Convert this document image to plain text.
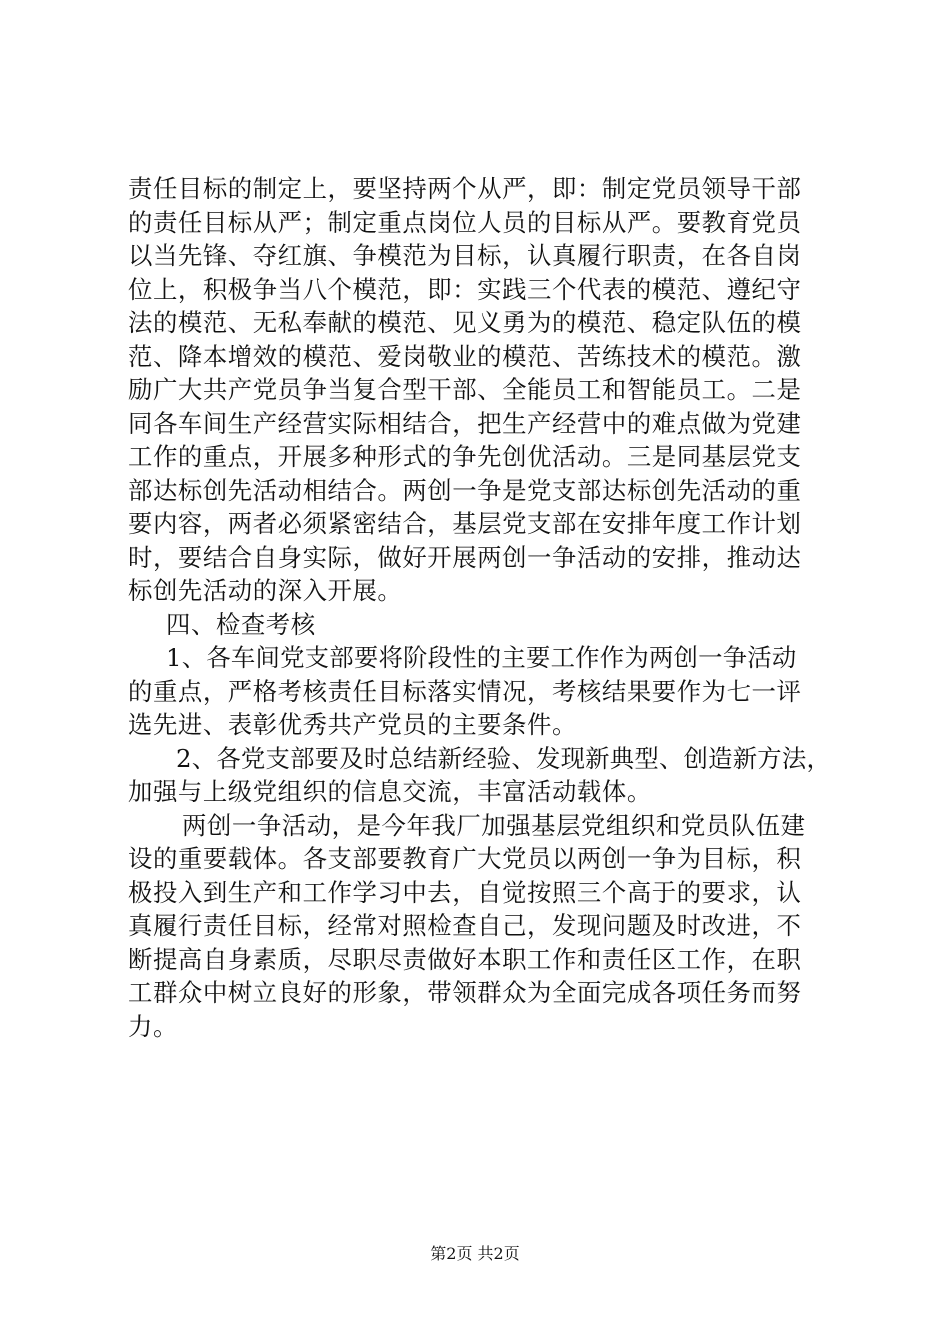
责任目标的制定上，要坚持两个从严，即：制定党员领导干部
的责任目标从严；制定重点岗位人员的目标从严。要教育党员
以当先锋、夺红旗、争模范为目标，认真履行职责，在各自岗
位上，积极争当八个模范，即：实践三个代表的模范、遵纪守
法的模范、无私奉献的模范、见义勇为的模范、稳定队伍的模
范、降本增效的模范、爱岗敬业的模范、苦练技术的模范。激
励广大共产党员争当复合型干部、全能员工和智能员工。二是
同各车间生产经营实际相结合，把生产经营中的难点做为党建
工作的重点，开展多种形式的争先创优活动。三是同基层党支
部达标创先活动相结合。两创一争是党支部达标创先活动的重
要内容，两者必须紧密结合，基层党支部在安排年度工作计划
时，要结合自身实际，做好开展两创一争活动的安排，推动达
标创先活动的深入开展。
四、检查考核
1、各车间党支部要将阶段性的主要工作作为两创一争活动
的重点，严格考核责任目标落实情况，考核结果要作为七一评
选先进、表彰优秀共产党员的主要条件。
2、各党支部要及时总结新经验、发现新典型、创造新方法，
加强与上级党组织的信息交流，丰富活动载体。
两创一争活动，是今年我厂加强基层党组织和党员队伍建
设的重要载体。各支部要教育广大党员以两创一争为目标，积
极投入到生产和工作学习中去，自觉按照三个高于的要求，认
真履行责任目标，经常对照检查自己，发现问题及时改进，不
断提高自身素质，尽职尽责做好本职工作和责任区工作，在职
工群众中树立良好的形象，带领群众为全面完成各项任务而努
力。
第2页 共2页
